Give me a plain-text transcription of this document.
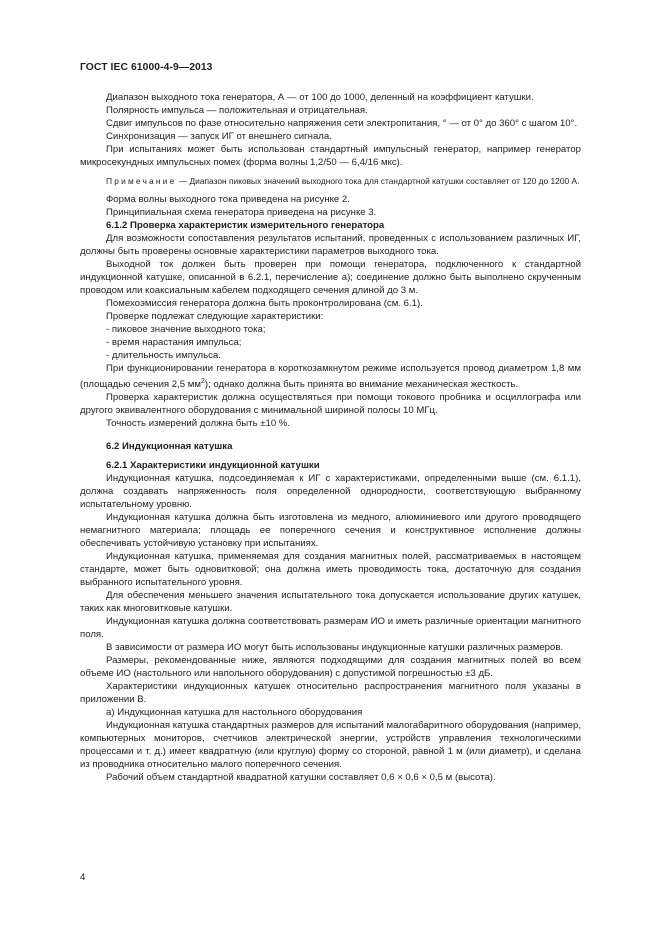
ГОСТ IEC 61000-4-9—2013

Диапазон выходного тока генератора, А — от 100 до 1000, деленный на коэффициент катушки.

Полярность импульса — положительная и отрицательная.

Сдвиг импульсов по фазе относительно напряжения сети электропитания, ° — от 0° до 360° с шагом 10°.

Синхронизация — запуск ИГ от внешнего сигнала.

При испытаниях может быть использован стандартный импульсный генератор, например генератор микросекундных импульсных помех (форма волны 1,2/50 — 6,4/16 мкс).

Примечание — Диапазон пиковых значений выходного тока для стандартной катушки составляет от 120 до 1200 А.

Форма волны выходного тока приведена на рисунке 2.

Принципиальная схема генератора приведена на рисунке 3.

6.1.2 Проверка характеристик измерительного генератора

Для возможности сопоставления результатов испытаний, проведенных с использованием различных ИГ, должны быть проверены основные характеристики параметров выходного тока.

Выходной ток должен быть проверен при помощи генератора, подключенного к стандартной индукционной катушке, описанной в 6.2.1, перечисление а); соединение должно быть выполнено скрученным проводом или коаксиальным кабелем подходящего сечения длиной до 3 м.

Помехоэмиссия генератора должна быть проконтролирована (см. 6.1).

Проверке подлежат следующие характеристики:

- пиковое значение выходного тока;

- время нарастания импульса;

- длительность импульса.

При функционировании генератора в короткозамкнутом режиме используется провод диаметром 1,8 мм (площадью сечения 2,5 $мм^2$); однако должна быть принята во внимание механическая жесткость.

Проверка характеристик должна осуществляться при помощи токового пробника и осциллографа или другого эквивалентного оборудования с минимальной шириной полосы 10 МГц.

Точность измерений должна быть ±10 %.

6.2 Индукционная катушка

6.2.1 Характеристики индукционной катушки

Индукционная катушка, подсоединяемая к ИГ с характеристиками, определенными выше (см. 6.1.1), должна создавать напряженность поля определенной однородности, соответствующую выбранному испытательному уровню.

Индукционная катушка должна быть изготовлена из медного, алюминиевого или другого проводящего немагнитного материала; площадь ее поперечного сечения и конструктивное исполнение должны обеспечивать устойчивую установку при испытаниях.

Индукционная катушка, применяемая для создания магнитных полей, рассматриваемых в настоящем стандарте, может быть одновитковой; она должна иметь проводимость тока, достаточную для создания выбранного испытательного уровня.

Для обеспечения меньшего значения испытательного тока допускается использование других катушек, таких как многовитковые катушки.

Индукционная катушка должна соответствовать размерам ИО и иметь различные ориентации магнитного поля.

В зависимости от размера ИО могут быть использованы индукционные катушки различных размеров.

Размеры, рекомендованные ниже, являются подходящими для создания магнитных полей во всем объеме ИО (настольного или напольного оборудования) с допустимой погрешностью ±3 дБ.

Характеристики индукционных катушек относительно распространения магнитного поля указаны в приложении В.

а) Индукционная катушка для настольного оборудования

Индукционная катушка стандартных размеров для испытаний малогабаритного оборудования (например, компьютерных мониторов, счетчиков электрической энергии, устройств управления технологическими процессами и т. д.) имеет квадратную (или круглую) форму со стороной, равной 1 м (или диаметр), и сделана из проводника относительно малого поперечного сечения.

Рабочий объем стандартной квадратной катушки составляет 0,6 × 0,6 × 0,5 м (высота).

4
